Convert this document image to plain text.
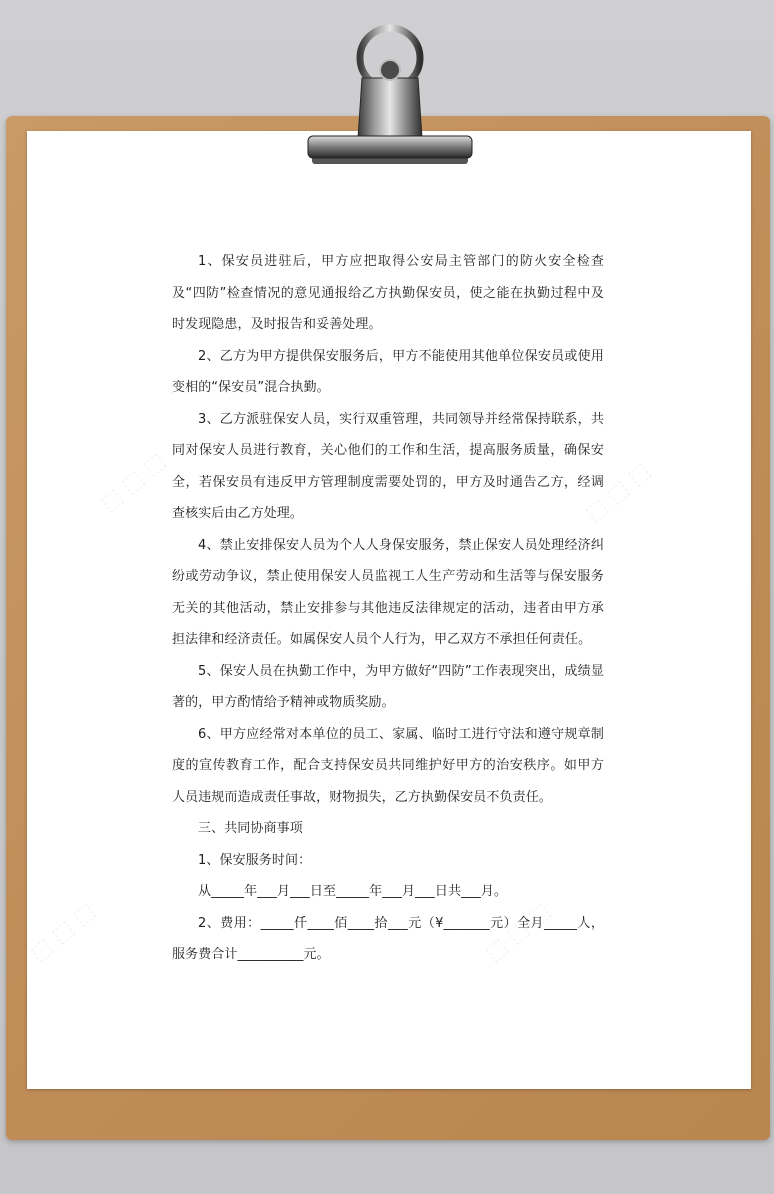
1、保安员进驻后，甲方应把取得公安局主管部门的防火安全检查及“四防”检查情况的意见通报给乙方执勤保安员，使之能在执勤过程中及时发现隐患，及时报告和妥善处理。

2、乙方为甲方提供保安服务后，甲方不能使用其他单位保安员或使用变相的“保安员”混合执勤。

3、乙方派驻保安人员，实行双重管理，共同领导并经常保持联系，共同对保安人员进行教育，关心他们的工作和生活，提高服务质量，确保安全，若保安员有违反甲方管理制度需要处罚的，甲方及时通告乙方，经调查核实后由乙方处理。

4、禁止安排保安人员为个人人身保安服务，禁止保安人员处理经济纠纷或劳动争议，禁止使用保安人员监视工人生产劳动和生活等与保安服务无关的其他活动，禁止安排参与其他违反法律规定的活动，违者由甲方承担法律和经济责任。如属保安人员个人行为，甲乙双方不承担任何责任。

5、保安人员在执勤工作中，为甲方做好“四防”工作表现突出，成绩显著的，甲方酌情给予精神或物质奖励。

6、甲方应经常对本单位的员工、家属、临时工进行守法和遵守规章制度的宣传教育工作，配合支持保安员共同维护好甲方的治安秩序。如甲方人员违规而造成责任事故，财物损失，乙方执勤保安员不负责任。

三、共同协商事项

1、保安服务时间：

从_____年___月___日至_____年___月___日共___月。

2、费用：_____仟____佰____拾___元（¥_______元）全月_____人，服务费合计__________元。
